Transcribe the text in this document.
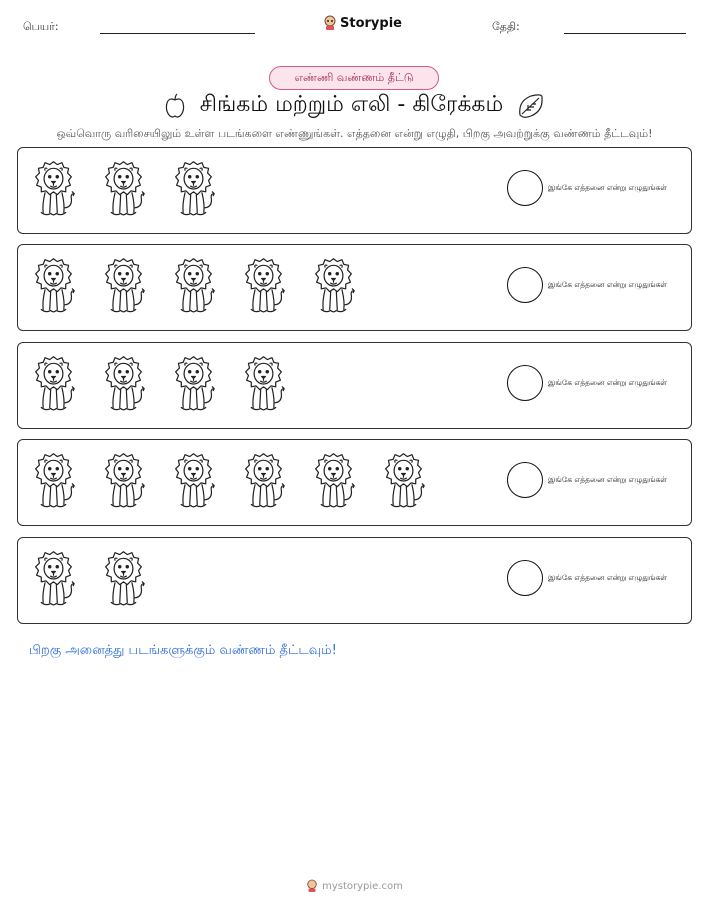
பெயர்:	Storypie	தேதி:
எண்ணி வண்ணம் தீட்டு
சிங்கம் மற்றும் எலி - கிரேக்கம்
ஒவ்வொரு வரிசையிலும் உள்ள படங்களை எண்ணுங்கள். எத்தனை என்று எழுதி, பிறகு அவற்றுக்கு வண்ணம் தீட்டவும்!
இங்கே எத்தனை என்று எழுதுங்கள்
இங்கே எத்தனை என்று எழுதுங்கள்
இங்கே எத்தனை என்று எழுதுங்கள்
இங்கே எத்தனை என்று எழுதுங்கள்
இங்கே எத்தனை என்று எழுதுங்கள்
பிறகு அனைத்து படங்களுக்கும் வண்ணம் தீட்டவும்!
mystorypie.com
